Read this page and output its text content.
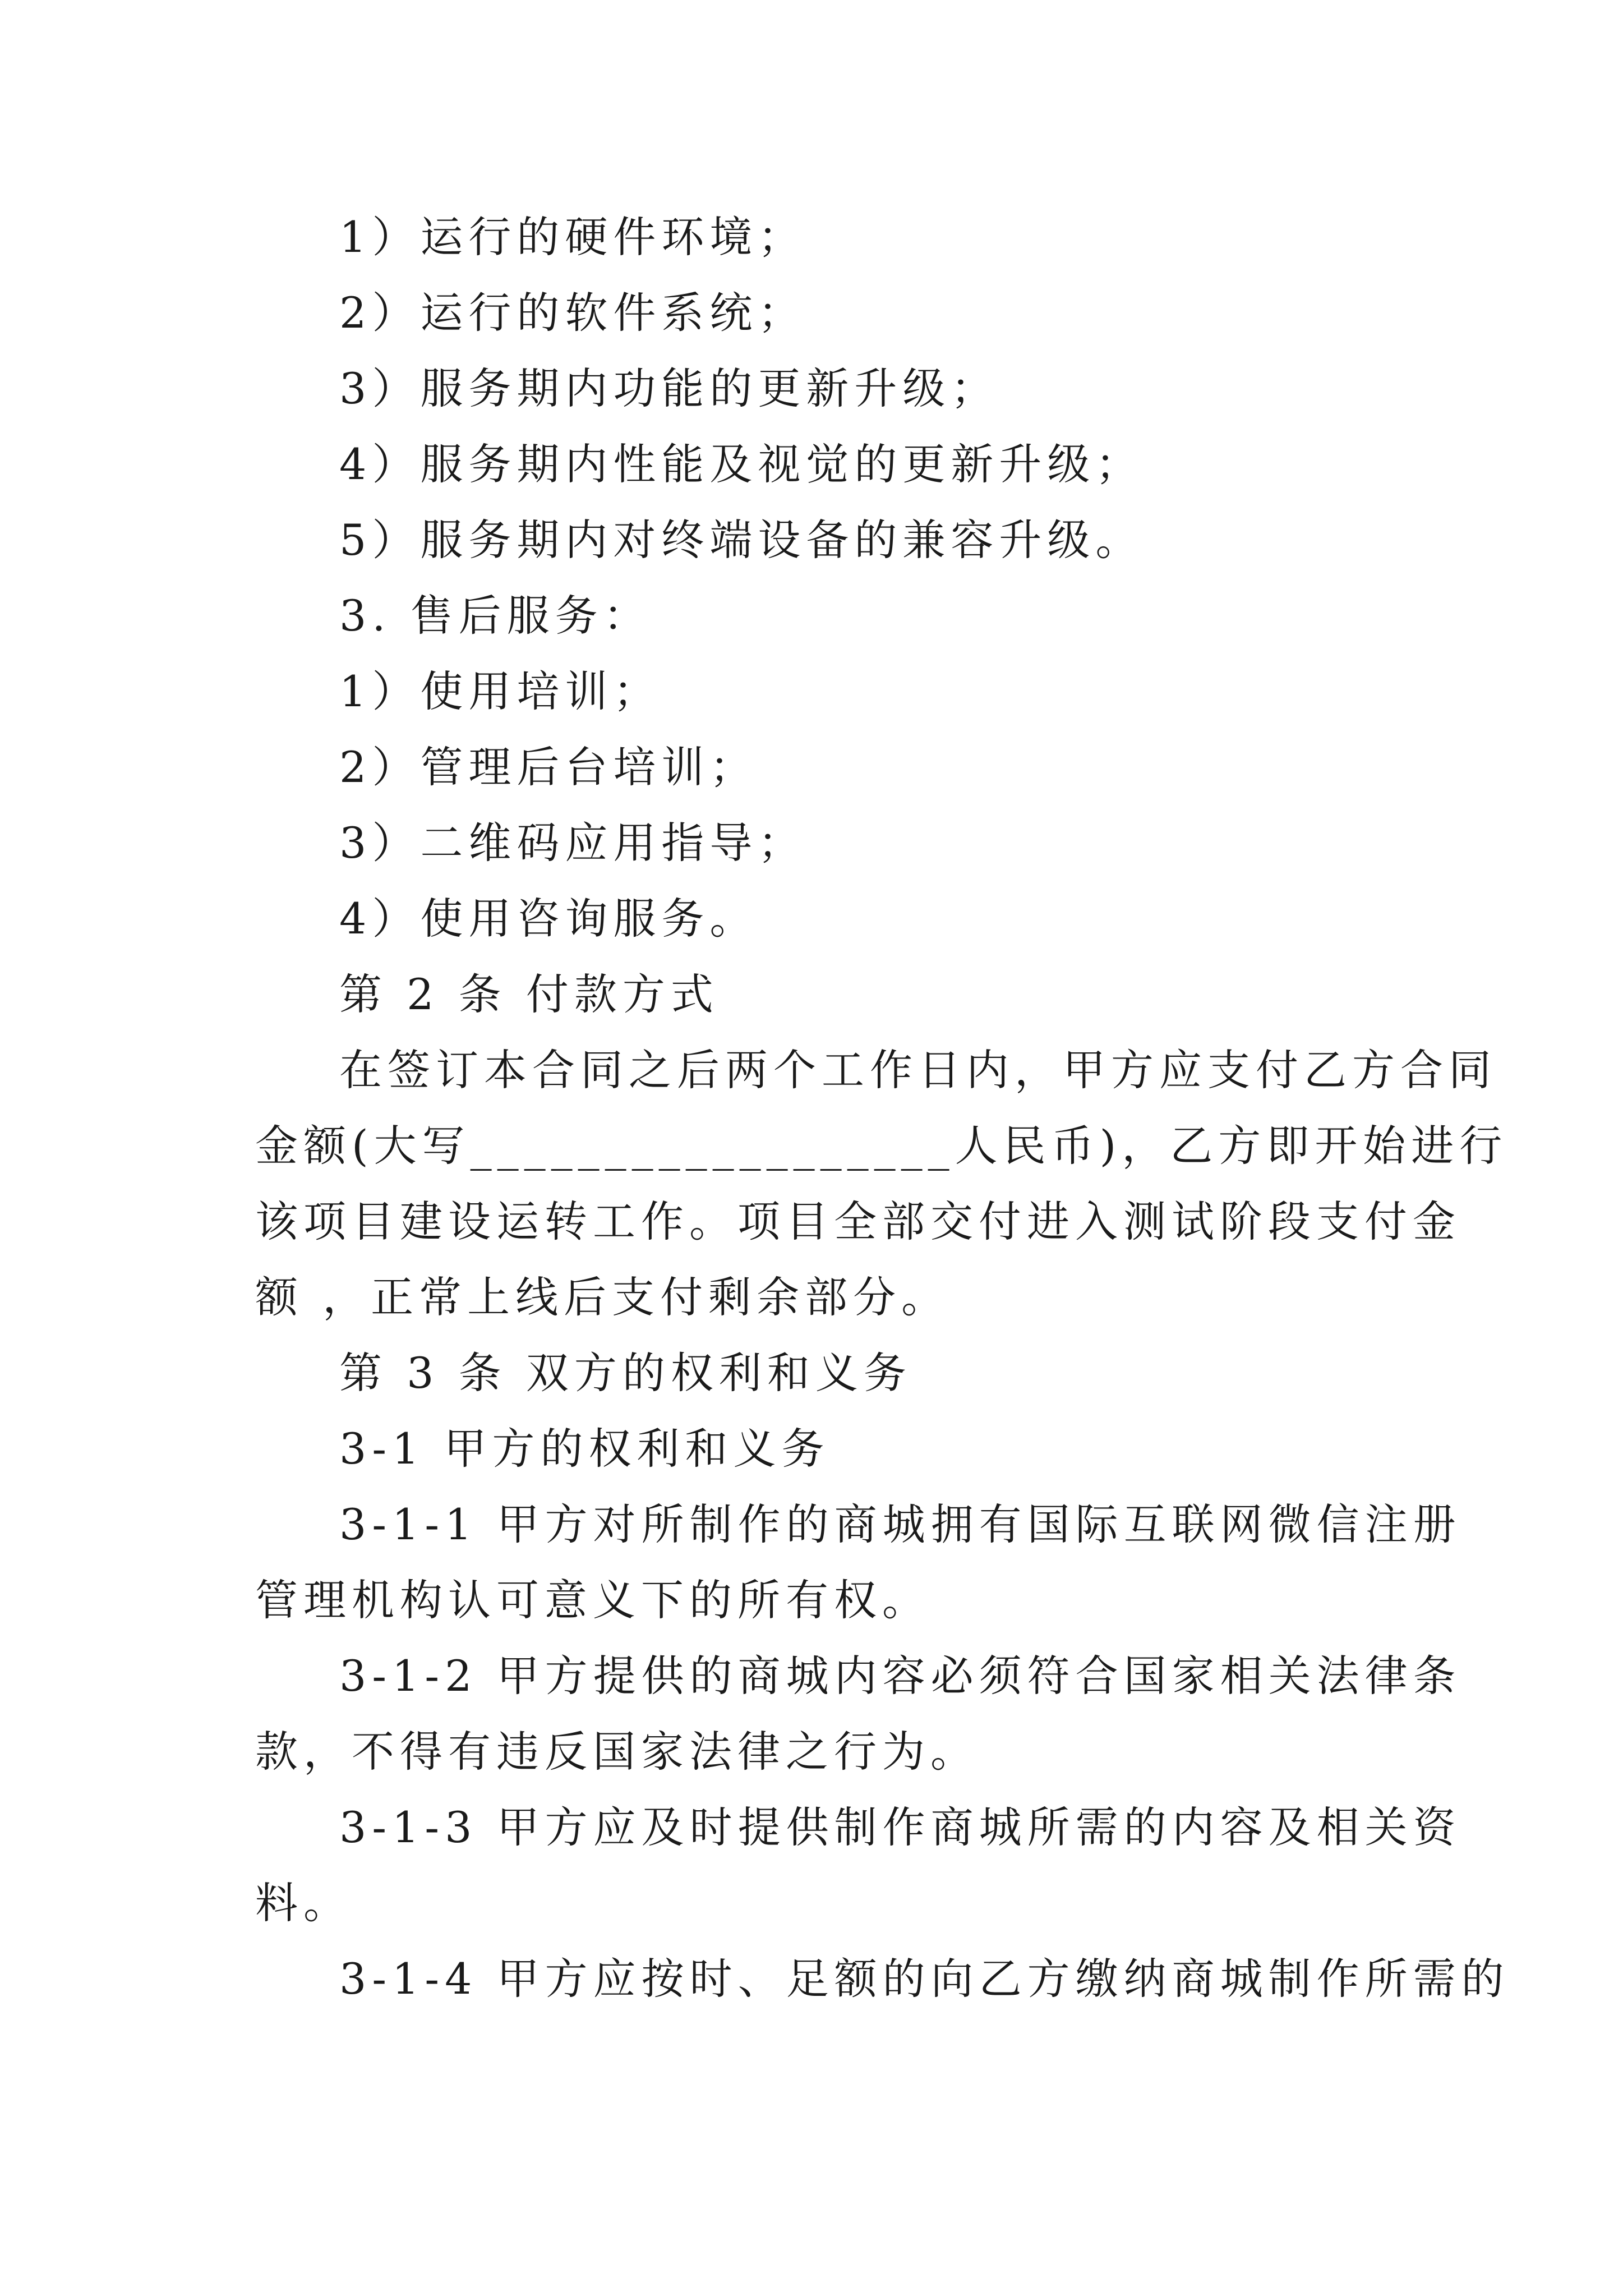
1）运行的硬件环境；
2）运行的软件系统；
3）服务期内功能的更新升级；
4）服务期内性能及视觉的更新升级；
5）服务期内对终端设备的兼容升级。
3. 售后服务：
1）使用培训；
2）管理后台培训；
3）二维码应用指导；
4）使用咨询服务。
第 2 条 付款方式
在签订本合同之后两个工作日内，甲方应支付乙方合同
金额(大写__________________人民币)，乙方即开始进行
该项目建设运转工作。项目全部交付进入测试阶段支付金
额 ，正常上线后支付剩余部分。
第 3 条 双方的权利和义务
3-1 甲方的权利和义务
3-1-1 甲方对所制作的商城拥有国际互联网微信注册
管理机构认可意义下的所有权。
3-1-2 甲方提供的商城内容必须符合国家相关法律条
款，不得有违反国家法律之行为。
3-1-3 甲方应及时提供制作商城所需的内容及相关资
料。
3-1-4 甲方应按时、足额的向乙方缴纳商城制作所需的
